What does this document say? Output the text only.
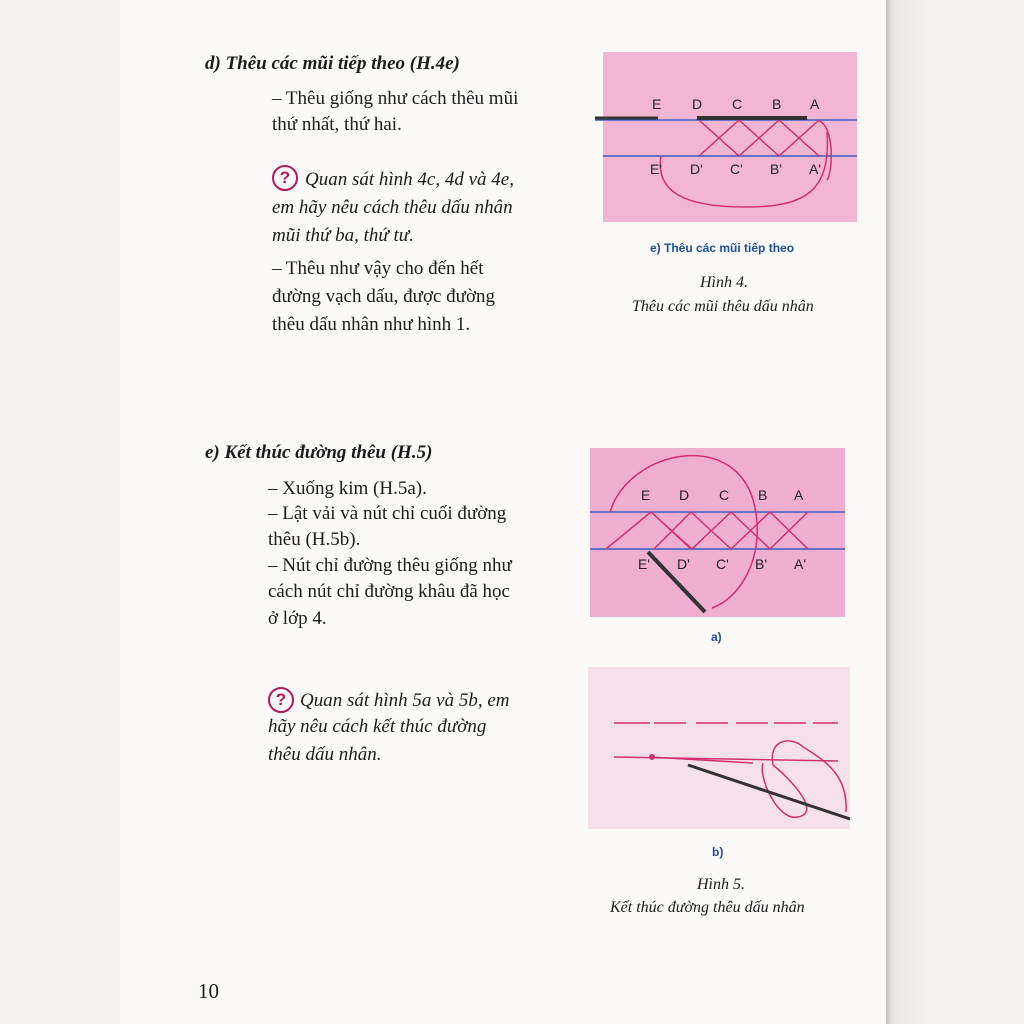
d) Thêu các mũi tiếp theo (H.4e)
– Thêu giống như cách thêu mũi
thứ nhất, thứ hai.
? Quan sát hình 4c, 4d và 4e,
em hãy nêu cách thêu dấu nhân
mũi thứ ba, thứ tư.
– Thêu như vậy cho đến hết
đường vạch dấu, được đường
thêu dấu nhân như hình 1.
e) Kết thúc đường thêu (H.5)
– Xuống kim (H.5a).
– Lật vải và nút chỉ cuối đường
thêu (H.5b).
– Nút chỉ đường thêu giống như
cách nút chỉ đường khâu đã học
ở lớp 4.
? Quan sát hình 5a và 5b, em
hãy nêu cách kết thúc đường
thêu dấu nhân.
10
E D C B A
E' D' C' B' A'
e) Thêu các mũi tiếp theo
Hình 4.
Thêu các mũi thêu dấu nhân
E D C B A
E' D' C' B' A'
a)
b)
Hình 5.
Kết thúc đường thêu dấu nhân
